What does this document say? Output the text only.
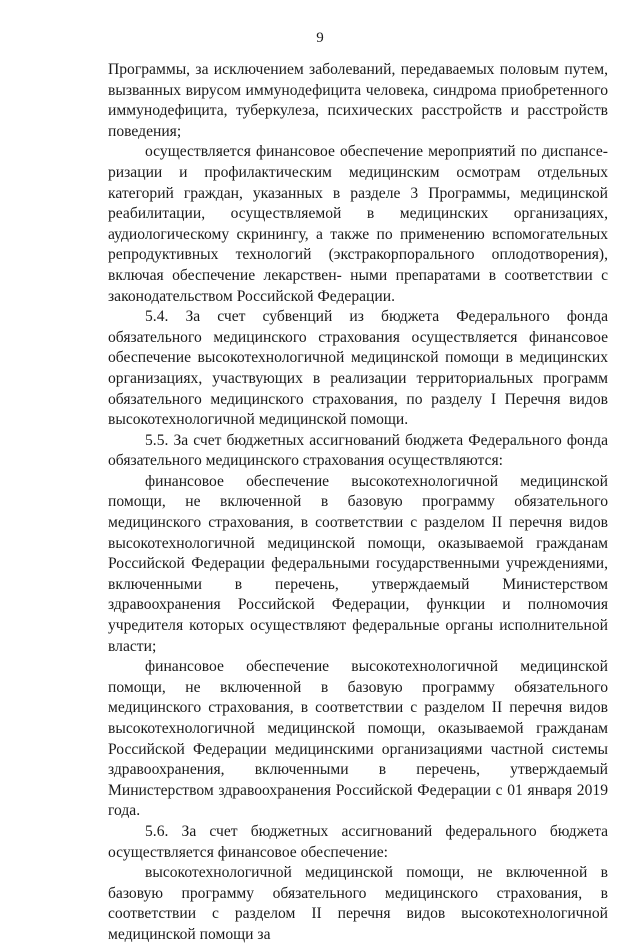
9

Программы, за исключением заболеваний, передаваемых половым путем, вызванных вирусом иммунодефицита человека, синдрома приобретенного иммунодефицита, туберкулеза, психических расстройств и расстройств поведения;

осуществляется финансовое обеспечение мероприятий по диспансе- ризации и профилактическим медицинским осмотрам отдельных категорий граждан, указанных в разделе 3 Программы, медицинской реабилитации, осуществляемой в медицинских организациях, аудиологическому скринингу, а также по применению вспомогательных репродуктивных технологий (экстракорпорального оплодотворения), включая обеспечение лекарствен- ными препаратами в соответствии с законодательством Российской Федерации.

5.4. За счет субвенций из бюджета Федерального фонда обязательного медицинского страхования осуществляется финансовое обеспечение высокотехнологичной медицинской помощи в медицинских организациях, участвующих в реализации территориальных программ обязательного медицинского страхования, по разделу I Перечня видов высокотехнологичной медицинской помощи.

5.5. За счет бюджетных ассигнований бюджета Федерального фонда обязательного медицинского страхования осуществляются:

финансовое обеспечение высокотехнологичной медицинской помощи, не включенной в базовую программу обязательного медицинского страхования, в соответствии с разделом II перечня видов высокотехнологичной медицинской помощи, оказываемой гражданам Российской Федерации федеральными государственными учреждениями, включенными в перечень, утверждаемый Министерством здравоохранения Российской Федерации, функции и полномочия учредителя которых осуществляют федеральные органы исполнительной власти;

финансовое обеспечение высокотехнологичной медицинской помощи, не включенной в базовую программу обязательного медицинского страхования, в соответствии с разделом II перечня видов высокотехнологичной медицинской помощи, оказываемой гражданам Российской Федерации медицинскими организациями частной системы здравоохранения, включенными в перечень, утверждаемый Министерством здравоохранения Российской Федерации с 01 января 2019 года.

5.6. За счет бюджетных ассигнований федерального бюджета осуществляется финансовое обеспечение:

высокотехнологичной медицинской помощи, не включенной в базовую программу обязательного медицинского страхования, в соответствии с разделом II перечня видов высокотехнологичной медицинской помощи за
